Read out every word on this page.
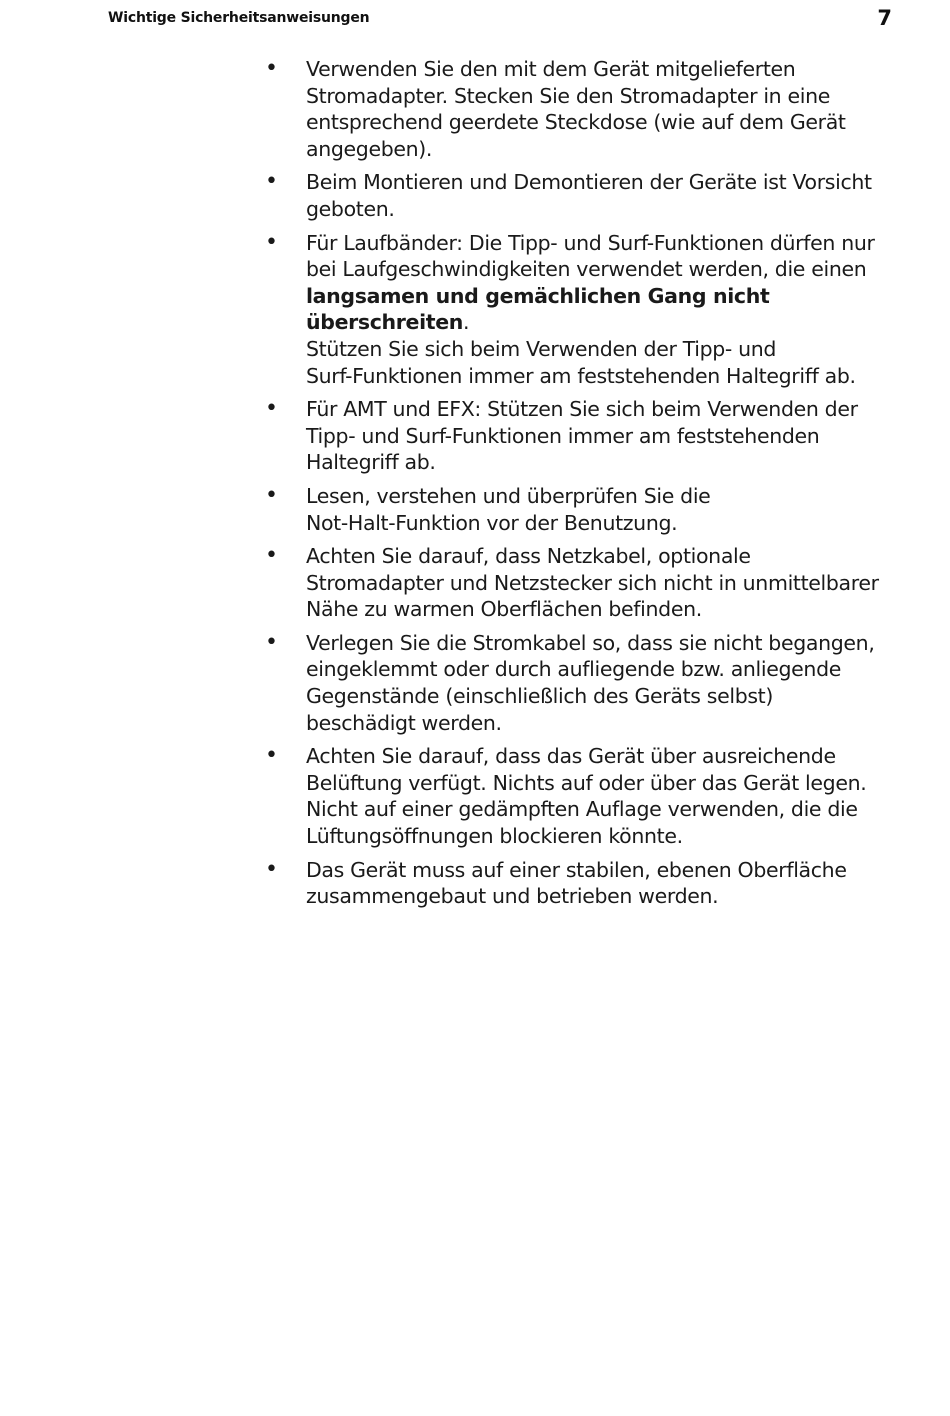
Wichtige Sicherheitsanweisungen	7
• Verwenden Sie den mit dem Gerät mitgelieferten
Stromadapter. Stecken Sie den Stromadapter in eine
entsprechend geerdete Steckdose (wie auf dem Gerät
angegeben).
• Beim Montieren und Demontieren der Geräte ist Vorsicht
geboten.
• Für Laufbänder: Die Tipp- und Surf-Funktionen dürfen nur
bei Laufgeschwindigkeiten verwendet werden, die einen
langsamen und gemächlichen Gang nicht überschreiten.
Stützen Sie sich beim Verwenden der Tipp- und
Surf-Funktionen immer am feststehenden Haltegriff ab.
• Für AMT und EFX: Stützen Sie sich beim Verwenden der
Tipp- und Surf-Funktionen immer am feststehenden
Haltegriff ab.
• Lesen, verstehen und überprüfen Sie die
Not-Halt-Funktion vor der Benutzung.
• Achten Sie darauf, dass Netzkabel, optionale
Stromadapter und Netzstecker sich nicht in unmittelbarer
Nähe zu warmen Oberflächen befinden.
• Verlegen Sie die Stromkabel so, dass sie nicht begangen,
eingeklemmt oder durch aufliegende bzw. anliegende
Gegenstände (einschließlich des Geräts selbst)
beschädigt werden.
• Achten Sie darauf, dass das Gerät über ausreichende
Belüftung verfügt. Nichts auf oder über das Gerät legen.
Nicht auf einer gedämpften Auflage verwenden, die die
Lüftungsöffnungen blockieren könnte.
• Das Gerät muss auf einer stabilen, ebenen Oberfläche
zusammengebaut und betrieben werden.
